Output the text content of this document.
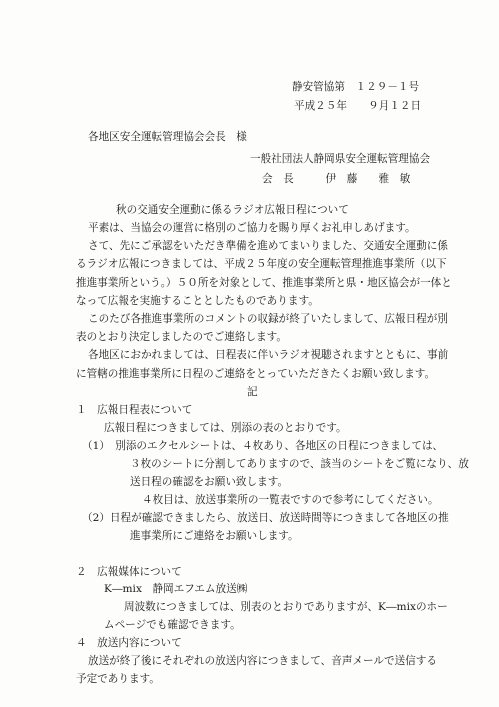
静安管協第　１２９－１号
平成２５年　　９月１２日
各地区安全運転管理協会会長　様
一般社団法人静岡県安全運転管理協会
会　長　　　伊　藤　　雅　敏
秋の交通安全運動に係るラジオ広報日程について
平素は、当協会の運営に格別のご協力を賜り厚くお礼申しあげます。
さて、先にご承認をいただき準備を進めてまいりました、交通安全運動に係
るラジオ広報につきましては、平成２５年度の安全運転管理推進事業所（以下
推進事業所という。）５０所を対象として、推進事業所と県・地区協会が一体と
なって広報を実施することとしたものであります。
このたび各推進事業所のコメントの収録が終了いたしまして、広報日程が別
表のとおり決定しましたのでご連絡します。
各地区におかれましては、日程表に伴いラジオ視聴されますとともに、事前
に管轄の推進事業所に日程のご連絡をとっていただきたくお願い致します。
記
１　広報日程表について
広報日程につきましては、別添の表のとおりです。
（1）　別添のエクセルシートは、４枚あり、各地区の日程につきましては、
３枚のシートに分割してありますので、該当のシートをご覧になり、放
送日程の確認をお願い致します。
４枚目は、放送事業所の一覧表ですので参考にしてください。
（2）日程が確認できましたら、放送日、放送時間等につきまして各地区の推
進事業所にご連絡をお願いします。
２　広報媒体について
K―mix　静岡エフエム放送㈱
周波数につきましては、別表のとおりでありますが、K―mixのホー
ムページでも確認できます。
４　放送内容について
放送が終了後にそれぞれの放送内容につきまして、音声メールで送信する
予定であります。
